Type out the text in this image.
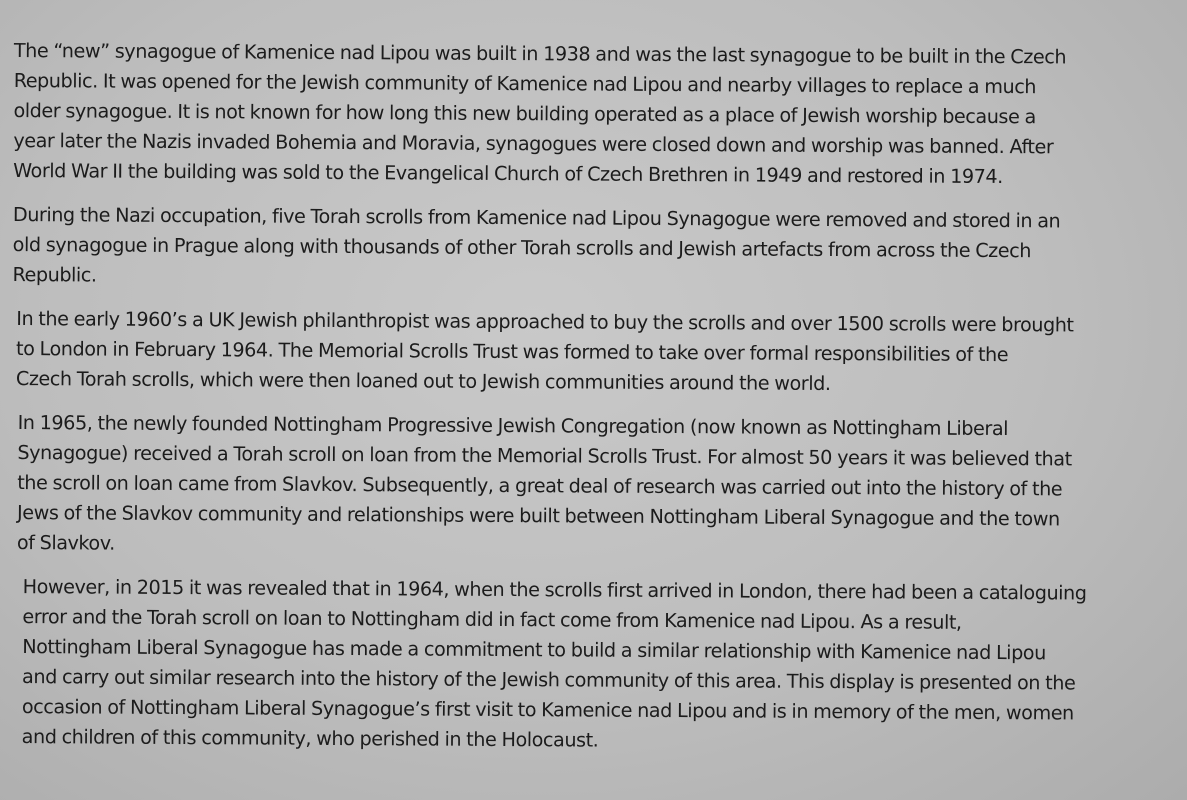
The “new” synagogue of Kamenice nad Lipou was built in 1938 and was the last synagogue to be built in the Czech
Republic. It was opened for the Jewish community of Kamenice nad Lipou and nearby villages to replace a much
older synagogue. It is not known for how long this new building operated as a place of Jewish worship because a
year later the Nazis invaded Bohemia and Moravia, synagogues were closed down and worship was banned. After
World War II the building was sold to the Evangelical Church of Czech Brethren in 1949 and restored in 1974.

During the Nazi occupation, five Torah scrolls from Kamenice nad Lipou Synagogue were removed and stored in an
old synagogue in Prague along with thousands of other Torah scrolls and Jewish artefacts from across the Czech
Republic.

In the early 1960’s a UK Jewish philanthropist was approached to buy the scrolls and over 1500 scrolls were brought
to London in February 1964. The Memorial Scrolls Trust was formed to take over formal responsibilities of the
Czech Torah scrolls, which were then loaned out to Jewish communities around the world.

In 1965, the newly founded Nottingham Progressive Jewish Congregation (now known as Nottingham Liberal
Synagogue) received a Torah scroll on loan from the Memorial Scrolls Trust. For almost 50 years it was believed that
the scroll on loan came from Slavkov. Subsequently, a great deal of research was carried out into the history of the
Jews of the Slavkov community and relationships were built between Nottingham Liberal Synagogue and the town
of Slavkov.

However, in 2015 it was revealed that in 1964, when the scrolls first arrived in London, there had been a cataloguing
error and the Torah scroll on loan to Nottingham did in fact come from Kamenice nad Lipou. As a result,
Nottingham Liberal Synagogue has made a commitment to build a similar relationship with Kamenice nad Lipou
and carry out similar research into the history of the Jewish community of this area. This display is presented on the
occasion of Nottingham Liberal Synagogue’s first visit to Kamenice nad Lipou and is in memory of the men, women
and children of this community, who perished in the Holocaust.
